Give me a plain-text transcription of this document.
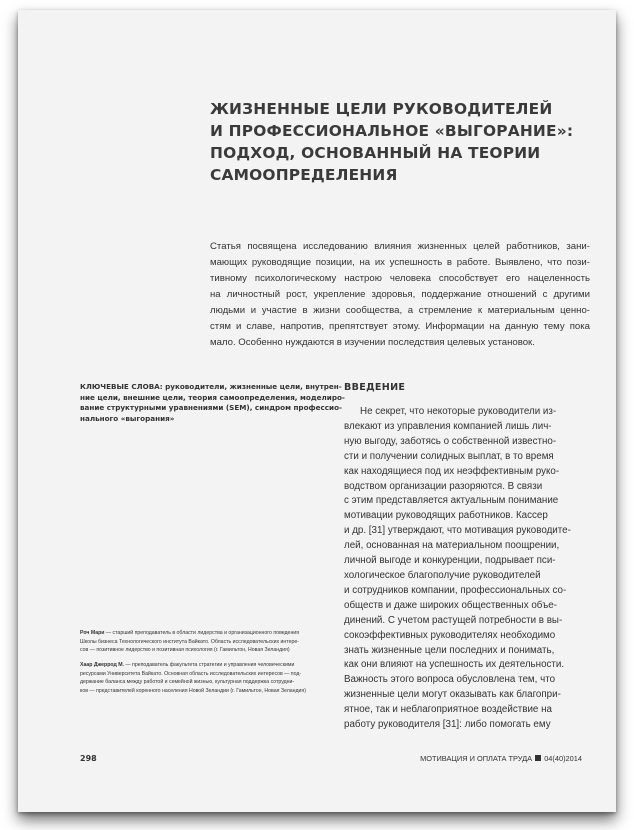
ЖИЗНЕННЫЕ ЦЕЛИ РУКОВОДИТЕЛЕЙ
И ПРОФЕССИОНАЛЬНОЕ «ВЫГОРАНИЕ»:
ПОДХОД, ОСНОВАННЫЙ НА ТЕОРИИ
САМООПРЕДЕЛЕНИЯ
Статья посвящена исследованию влияния жизненных целей работников, зани-
мающих руководящие позиции, на их успешность в работе. Выявлено, что пози-
тивному психологическому настрою человека способствует его нацеленность
на личностный рост, укрепление здоровья, поддержание отношений с другими
людьми и участие в жизни сообщества, а стремление к материальным ценно-
стям и славе, напротив, препятствует этому. Информации на данную тему пока
мало. Особенно нуждаются в изучении последствия целевых установок.
КЛЮЧЕВЫЕ СЛОВА: руководители, жизненные цели, внутрен-
ние цели, внешние цели, теория самоопределения, моделиро-
вание структурными уравнениями (SEM), синдром профессио-
нального «выгорания»
ВВЕДЕНИЕ
Не секрет, что некоторые руководители из-
влекают из управления компанией лишь лич-
ную выгоду, заботясь о собственной известно-
сти и получении солидных выплат, в то время
как находящиеся под их неэффективным руко-
водством организации разоряются. В связи
с этим представляется актуальным понимание
мотивации руководящих работников. Кассер
и др. [31] утверждают, что мотивация руководите-
лей, основанная на материальном поощрении,
личной выгоде и конкуренции, подрывает пси-
хологическое благополучие руководителей
и сотрудников компании, профессиональных со-
обществ и даже широких общественных объе-
динений. С учетом растущей потребности в вы-
сокоэффективных руководителях необходимо
знать жизненные цели последних и понимать,
как они влияют на успешность их деятельности.
Важность этого вопроса обусловлена тем, что
жизненные цели могут оказывать как благопри-
ятное, так и неблагоприятное воздействие на
работу руководителя [31]: либо помогать ему
Роч Мари — старший преподаватель в области лидерства и организационного поведения
Школы бизнеса Технологического института Вайкато. Область исследовательских интере-
сов — позитивное лидерство и позитивная психология (г. Гамильтон, Новая Зеландия)
Хаар Джеррод М. — преподаватель факультета стратегии и управления человеческими
ресурсами Университета Вайкато. Основная область исследовательских интересов — под-
держание баланса между работой и семейной жизнью, культурная поддержка сотрудни-
ков — представителей коренного населения Новой Зеландии (г. Гамильтон, Новая Зеландия)
298	МОТИВАЦИЯ И ОПЛАТА ТРУДА 04(40)2014
